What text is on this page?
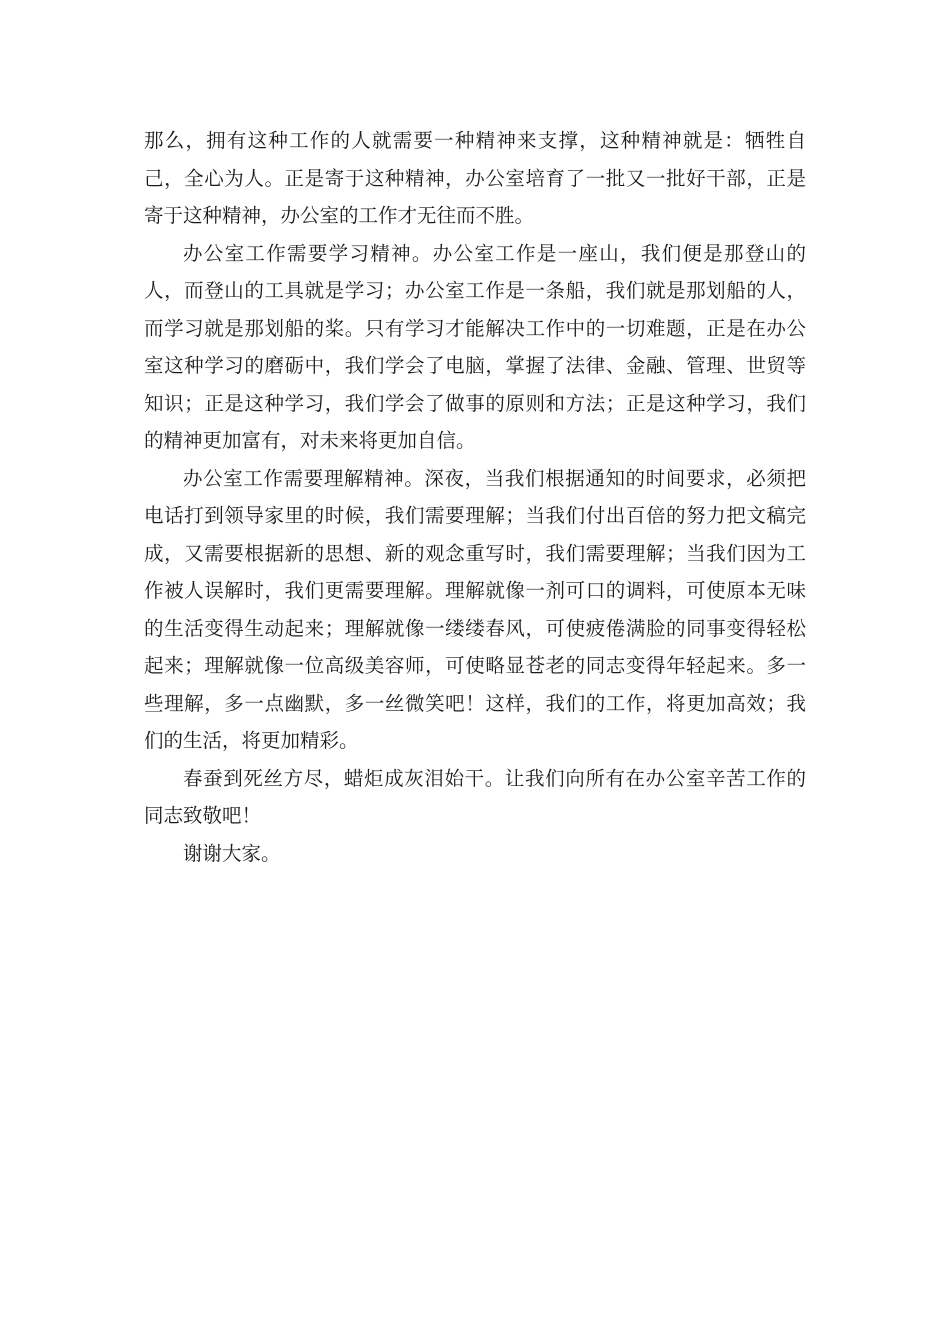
那么，拥有这种工作的人就需要一种精神来支撑，这种精神就是：牺牲自己，全心为人。正是寄于这种精神，办公室培育了一批又一批好干部，正是寄于这种精神，办公室的工作才无往而不胜。

办公室工作需要学习精神。办公室工作是一座山，我们便是那登山的人，而登山的工具就是学习；办公室工作是一条船，我们就是那划船的人，而学习就是那划船的桨。只有学习才能解决工作中的一切难题，正是在办公室这种学习的磨砺中，我们学会了电脑，掌握了法律、金融、管理、世贸等知识；正是这种学习，我们学会了做事的原则和方法；正是这种学习，我们的精神更加富有，对未来将更加自信。

办公室工作需要理解精神。深夜，当我们根据通知的时间要求，必须把电话打到领导家里的时候，我们需要理解；当我们付出百倍的努力把文稿完成，又需要根据新的思想、新的观念重写时，我们需要理解；当我们因为工作被人误解时，我们更需要理解。理解就像一剂可口的调料，可使原本无味的生活变得生动起来；理解就像一缕缕春风，可使疲倦满脸的同事变得轻松起来；理解就像一位高级美容师，可使略显苍老的同志变得年轻起来。多一些理解，多一点幽默，多一丝微笑吧！这样，我们的工作，将更加高效；我们的生活，将更加精彩。

春蚕到死丝方尽，蜡炬成灰泪始干。让我们向所有在办公室辛苦工作的同志致敬吧！

谢谢大家。
